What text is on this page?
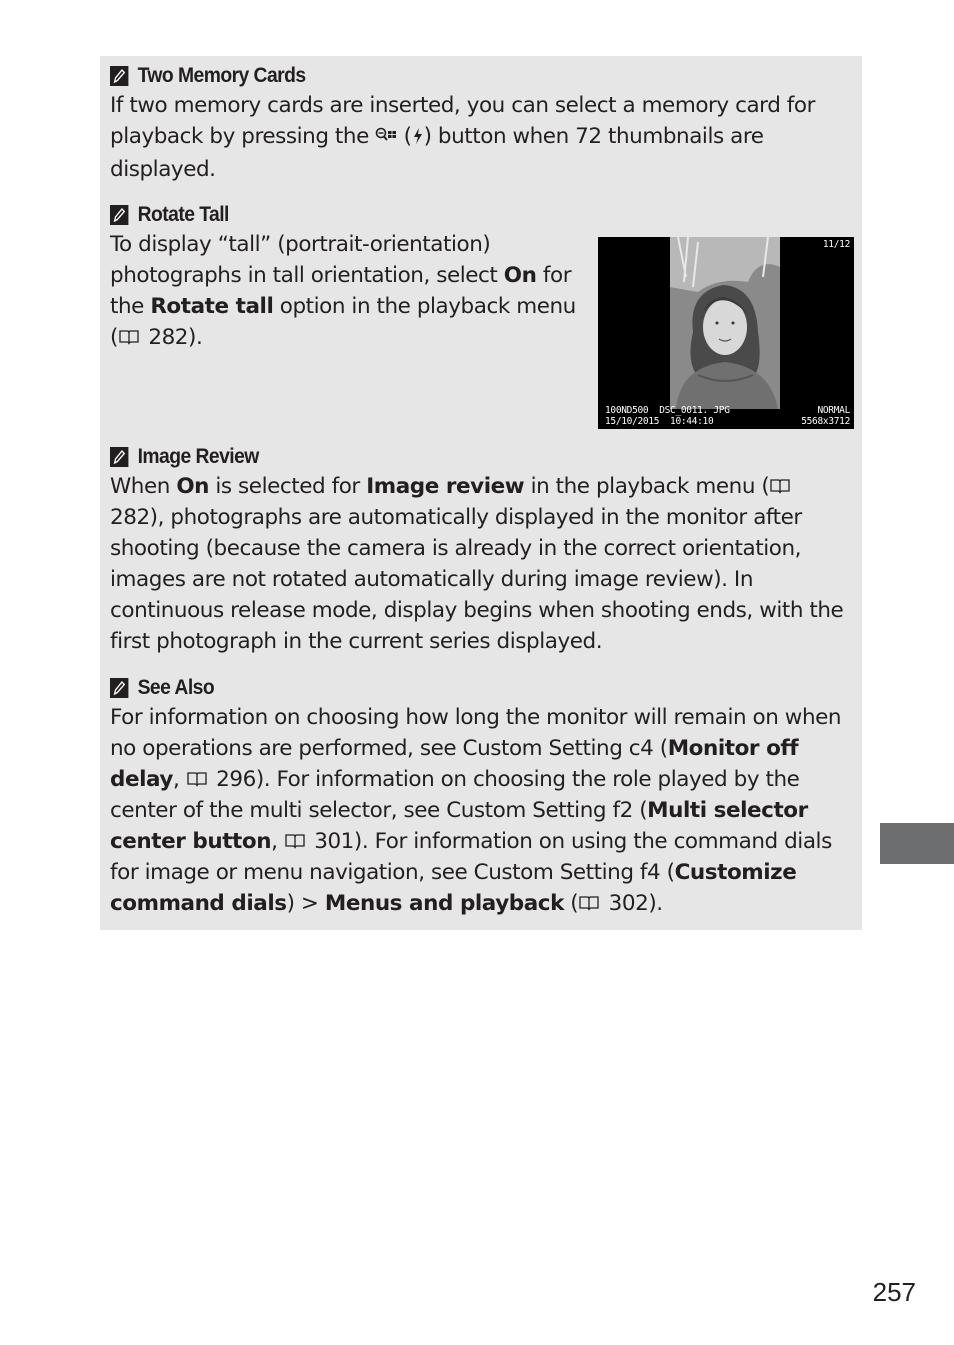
Two Memory Cards

If two memory cards are inserted, you can select a memory card for playback by pressing the  ( ) button when 72 thumbnails are displayed.

Rotate Tall

To display “tall” (portrait-orientation) photographs in tall orientation, select On for the Rotate tall option in the playback menu ( 282).

11/12
100ND500  DSC_0011. JPG
15/10/2015  10:44:10
NORMAL
5568x3712
Image Review

When On is selected for Image review in the playback menu ( 282), photographs are automatically displayed in the monitor after shooting (because the camera is already in the correct orientation, images are not rotated automatically during image review). In continuous release mode, display begins when shooting ends, with the first photograph in the current series displayed.

See Also

For information on choosing how long the monitor will remain on when no operations are performed, see Custom Setting c4 (Monitor off delay,  296). For information on choosing the role played by the center of the multi selector, see Custom Setting f2 (Multi selector center button,  301). For information on using the command dials for image or menu navigation, see Custom Setting f4 (Customize command dials) > Menus and playback ( 302).

257
